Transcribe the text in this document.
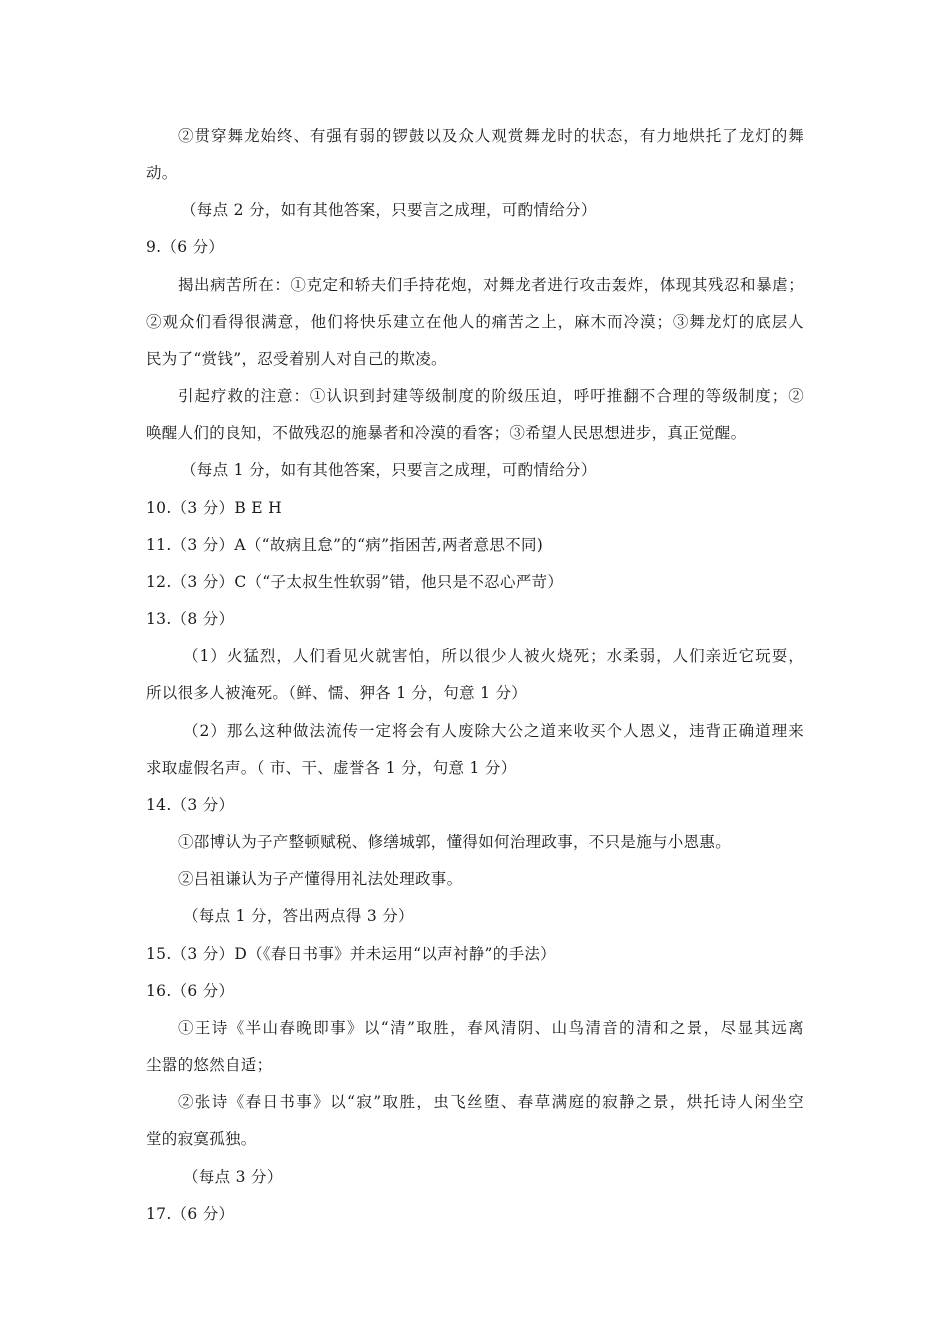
②贯穿舞龙始终、有强有弱的锣鼓以及众人观赏舞龙时的状态，有力地烘托了龙灯的舞
动。
（每点 2 分，如有其他答案，只要言之成理，可酌情给分）
9.（6 分）
揭出病苦所在：①克定和轿夫们手持花炮，对舞龙者进行攻击轰炸，体现其残忍和暴虐；
②观众们看得很满意，他们将快乐建立在他人的痛苦之上，麻木而冷漠；③舞龙灯的底层人
民为了“赏钱”，忍受着别人对自己的欺凌。
引起疗救的注意：①认识到封建等级制度的阶级压迫，呼吁推翻不合理的等级制度；②
唤醒人们的良知，不做残忍的施暴者和冷漠的看客；③希望人民思想进步，真正觉醒。
（每点 1 分，如有其他答案，只要言之成理，可酌情给分）
10.（3 分）B E H
11.（3 分）A（“故病且怠”的“病”指困苦,两者意思不同)
12.（3 分）C（“子太叔生性软弱”错，他只是不忍心严苛）
13.（8 分）
（1）火猛烈，人们看见火就害怕，所以很少人被火烧死；水柔弱，人们亲近它玩耍，
所以很多人被淹死。（鲜、懦、狎各 1 分，句意 1 分）
（2）那么这种做法流传一定将会有人废除大公之道来收买个人恩义，违背正确道理来
求取虚假名声。（ 市、干、虚誉各 1 分，句意 1 分）
14.（3 分）
①邵博认为子产整顿赋税、修缮城郭，懂得如何治理政事，不只是施与小恩惠。
②吕祖谦认为子产懂得用礼法处理政事。
（每点 1 分，答出两点得 3 分）
15.（3 分）D（《春日书事》并未运用“以声衬静”的手法）
16.（6 分）
①王诗《半山春晚即事》以“清”取胜，春风清阴、山鸟清音的清和之景，尽显其远离
尘嚣的悠然自适；
②张诗《春日书事》以“寂”取胜，虫飞丝堕、春草满庭的寂静之景，烘托诗人闲坐空
堂的寂寞孤独。
（每点 3 分）
17.（6 分）
